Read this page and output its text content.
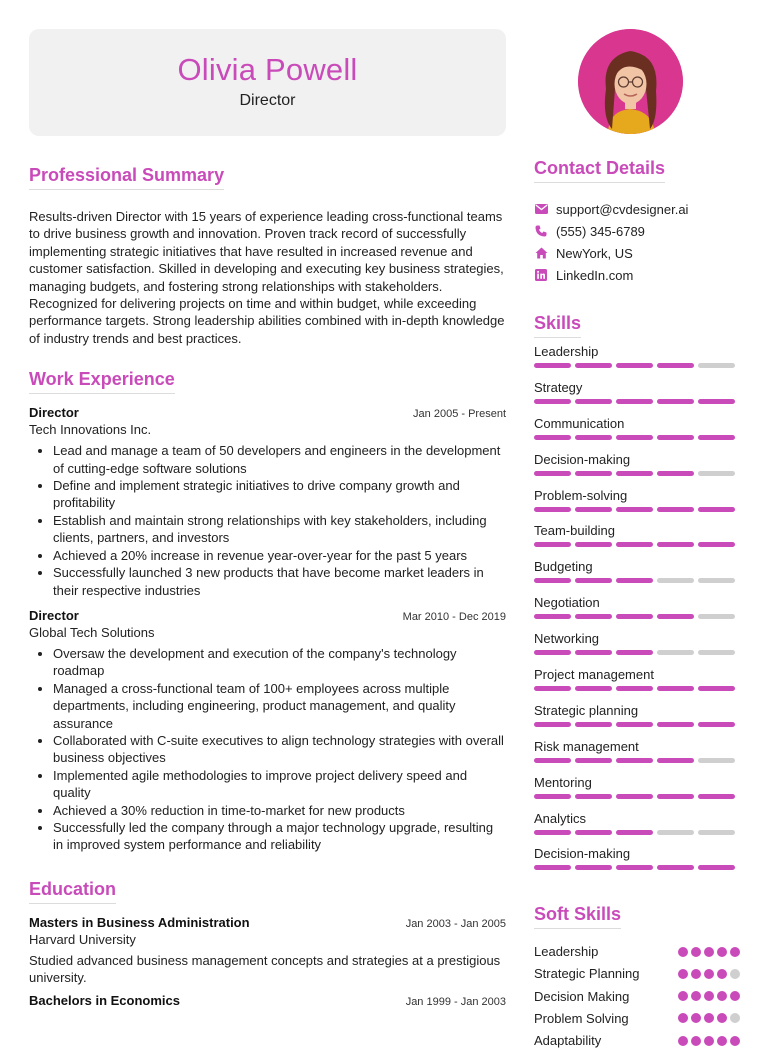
Olivia Powell
Director
Professional Summary

Results-driven Director with 15 years of experience leading cross-functional teams to drive business growth and innovation. Proven track record of successfully implementing strategic initiatives that have resulted in increased revenue and customer satisfaction. Skilled in developing and executing key business strategies, managing budgets, and fostering strong relationships with stakeholders. Recognized for delivering projects on time and within budget, while exceeding performance targets. Strong leadership abilities combined with in-depth knowledge of industry trends and best practices.

Work Experience
Director	Jan 2005 - Present
Tech Innovations Inc.
• Lead and manage a team of 50 developers and engineers in the development of cutting-edge software solutions
• Define and implement strategic initiatives to drive company growth and profitability
• Establish and maintain strong relationships with key stakeholders, including clients, partners, and investors
• Achieved a 20% increase in revenue year-over-year for the past 5 years
• Successfully launched 3 new products that have become market leaders in their respective industries
Director	Mar 2010 - Dec 2019
Global Tech Solutions
• Oversaw the development and execution of the company's technology roadmap
• Managed a cross-functional team of 100+ employees across multiple departments, including engineering, product management, and quality assurance
• Collaborated with C-suite executives to align technology strategies with overall business objectives
• Implemented agile methodologies to improve project delivery speed and quality
• Achieved a 30% reduction in time-to-market for new products
• Successfully led the company through a major technology upgrade, resulting in improved system performance and reliability
Education
Masters in Business Administration	Jan 2003 - Jan 2005
Harvard University
Studied advanced business management concepts and strategies at a prestigious university.
Bachelors in Economics	Jan 1999 - Jan 2003
Contact Details
support@cvdesigner.ai
(555) 345-6789
NewYork, US
LinkedIn.com
Skills
Leadership
Strategy
Communication
Decision-making
Problem-solving
Team-building
Budgeting
Negotiation
Networking
Project management
Strategic planning
Risk management
Mentoring
Analytics
Decision-making
Soft Skills
Leadership
Strategic Planning
Decision Making
Problem Solving
Adaptability
